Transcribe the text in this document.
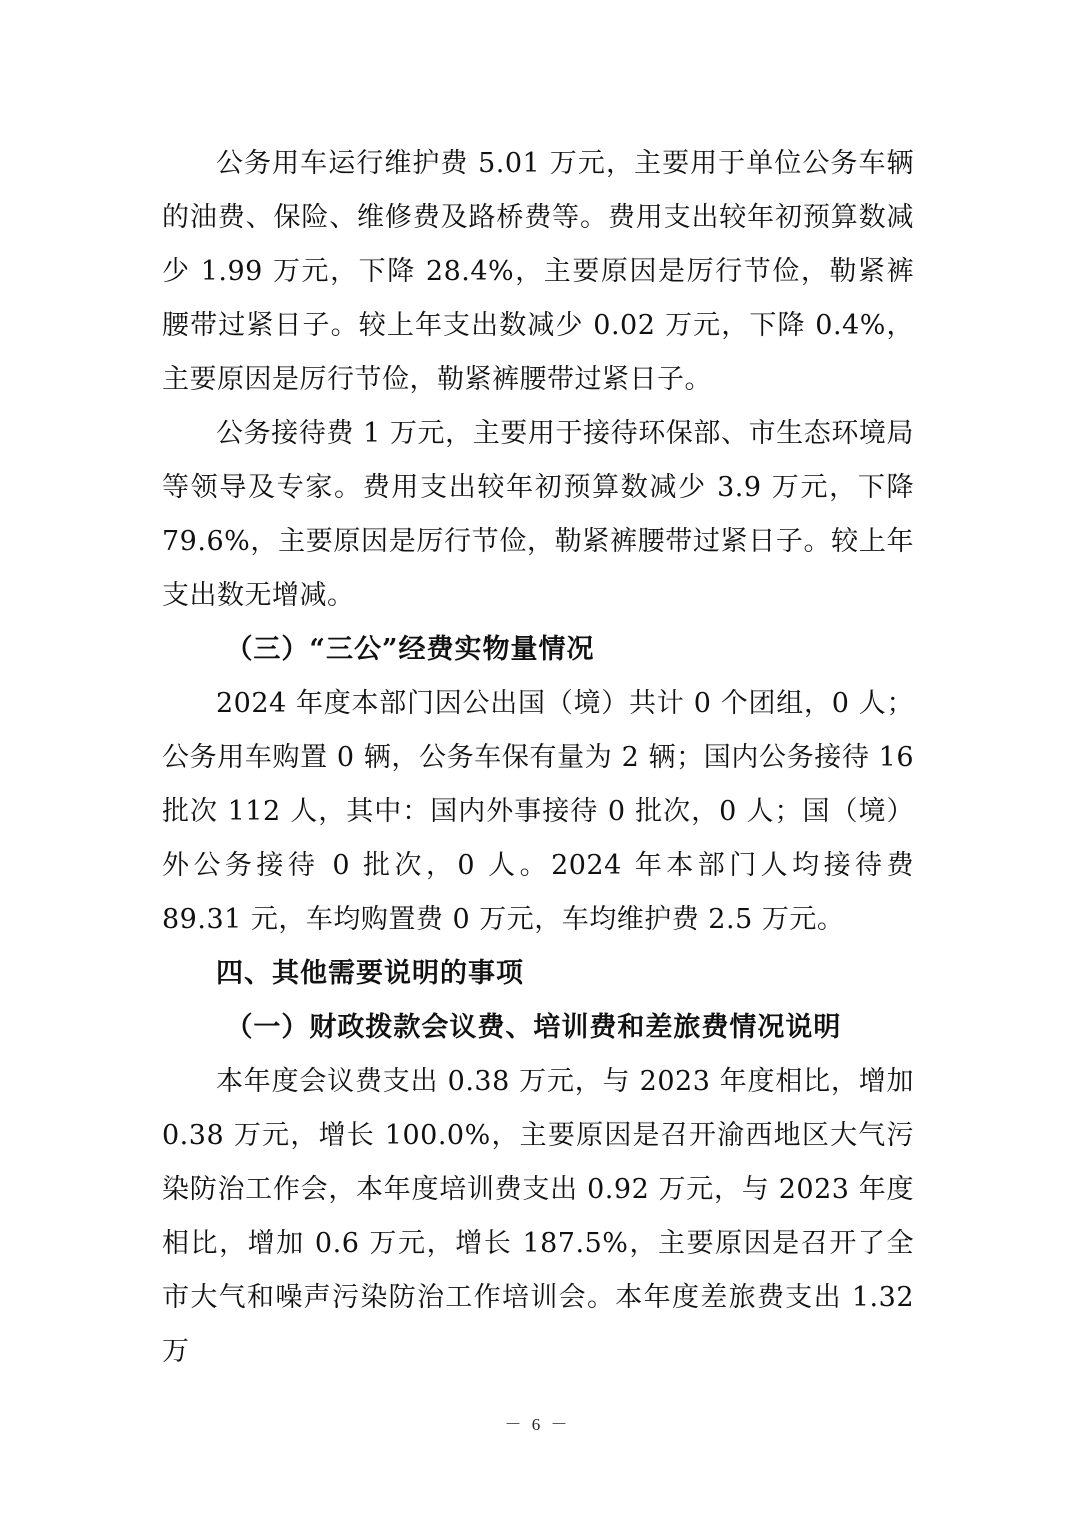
公务用车运行维护费 5.01 万元，主要用于单位公务车辆的油费、保险、维修费及路桥费等。费用支出较年初预算数减少 1.99 万元，下降 28.4%，主要原因是厉行节俭，勒紧裤腰带过紧日子。较上年支出数减少 0.02 万元，下降 0.4%，主要原因是厉行节俭，勒紧裤腰带过紧日子。

公务接待费 1 万元，主要用于接待环保部、市生态环境局等领导及专家。费用支出较年初预算数减少 3.9 万元，下降 79.6%，主要原因是厉行节俭，勒紧裤腰带过紧日子。较上年支出数无增减。

（三）“三公”经费实物量情况

2024 年度本部门因公出国（境）共计 0 个团组，0 人；公务用车购置 0 辆，公务车保有量为 2 辆；国内公务接待 16 批次 112 人，其中：国内外事接待 0 批次，0 人；国（境）外公务接待 0 批次，0 人。2024 年本部门人均接待费 89.31 元，车均购置费 0 万元，车均维护费 2.5 万元。

四、其他需要说明的事项

（一）财政拨款会议费、培训费和差旅费情况说明

本年度会议费支出 0.38 万元，与 2023 年度相比，增加 0.38 万元，增长 100.0%，主要原因是召开渝西地区大气污染防治工作会，本年度培训费支出 0.92 万元，与 2023 年度相比，增加 0.6 万元，增长 187.5%，主要原因是召开了全市大气和噪声污染防治工作培训会。本年度差旅费支出 1.32 万

－ 6 －
